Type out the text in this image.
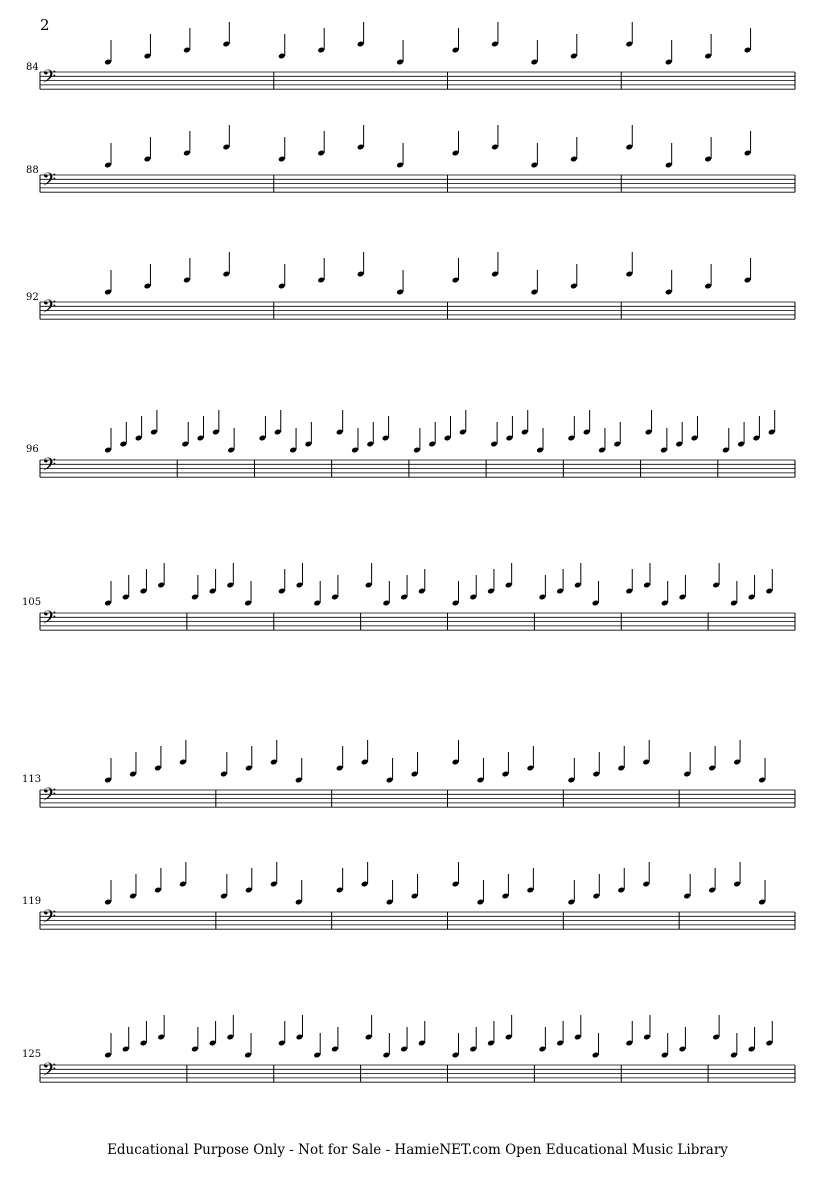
2
84
88
92
96
105
113
119
125
𝄢
𝄢
𝄢
𝄢
𝄢
𝄢
𝄢
𝄢
Educational Purpose Only - Not for Sale - HamieNET.com Open Educational Music Library
